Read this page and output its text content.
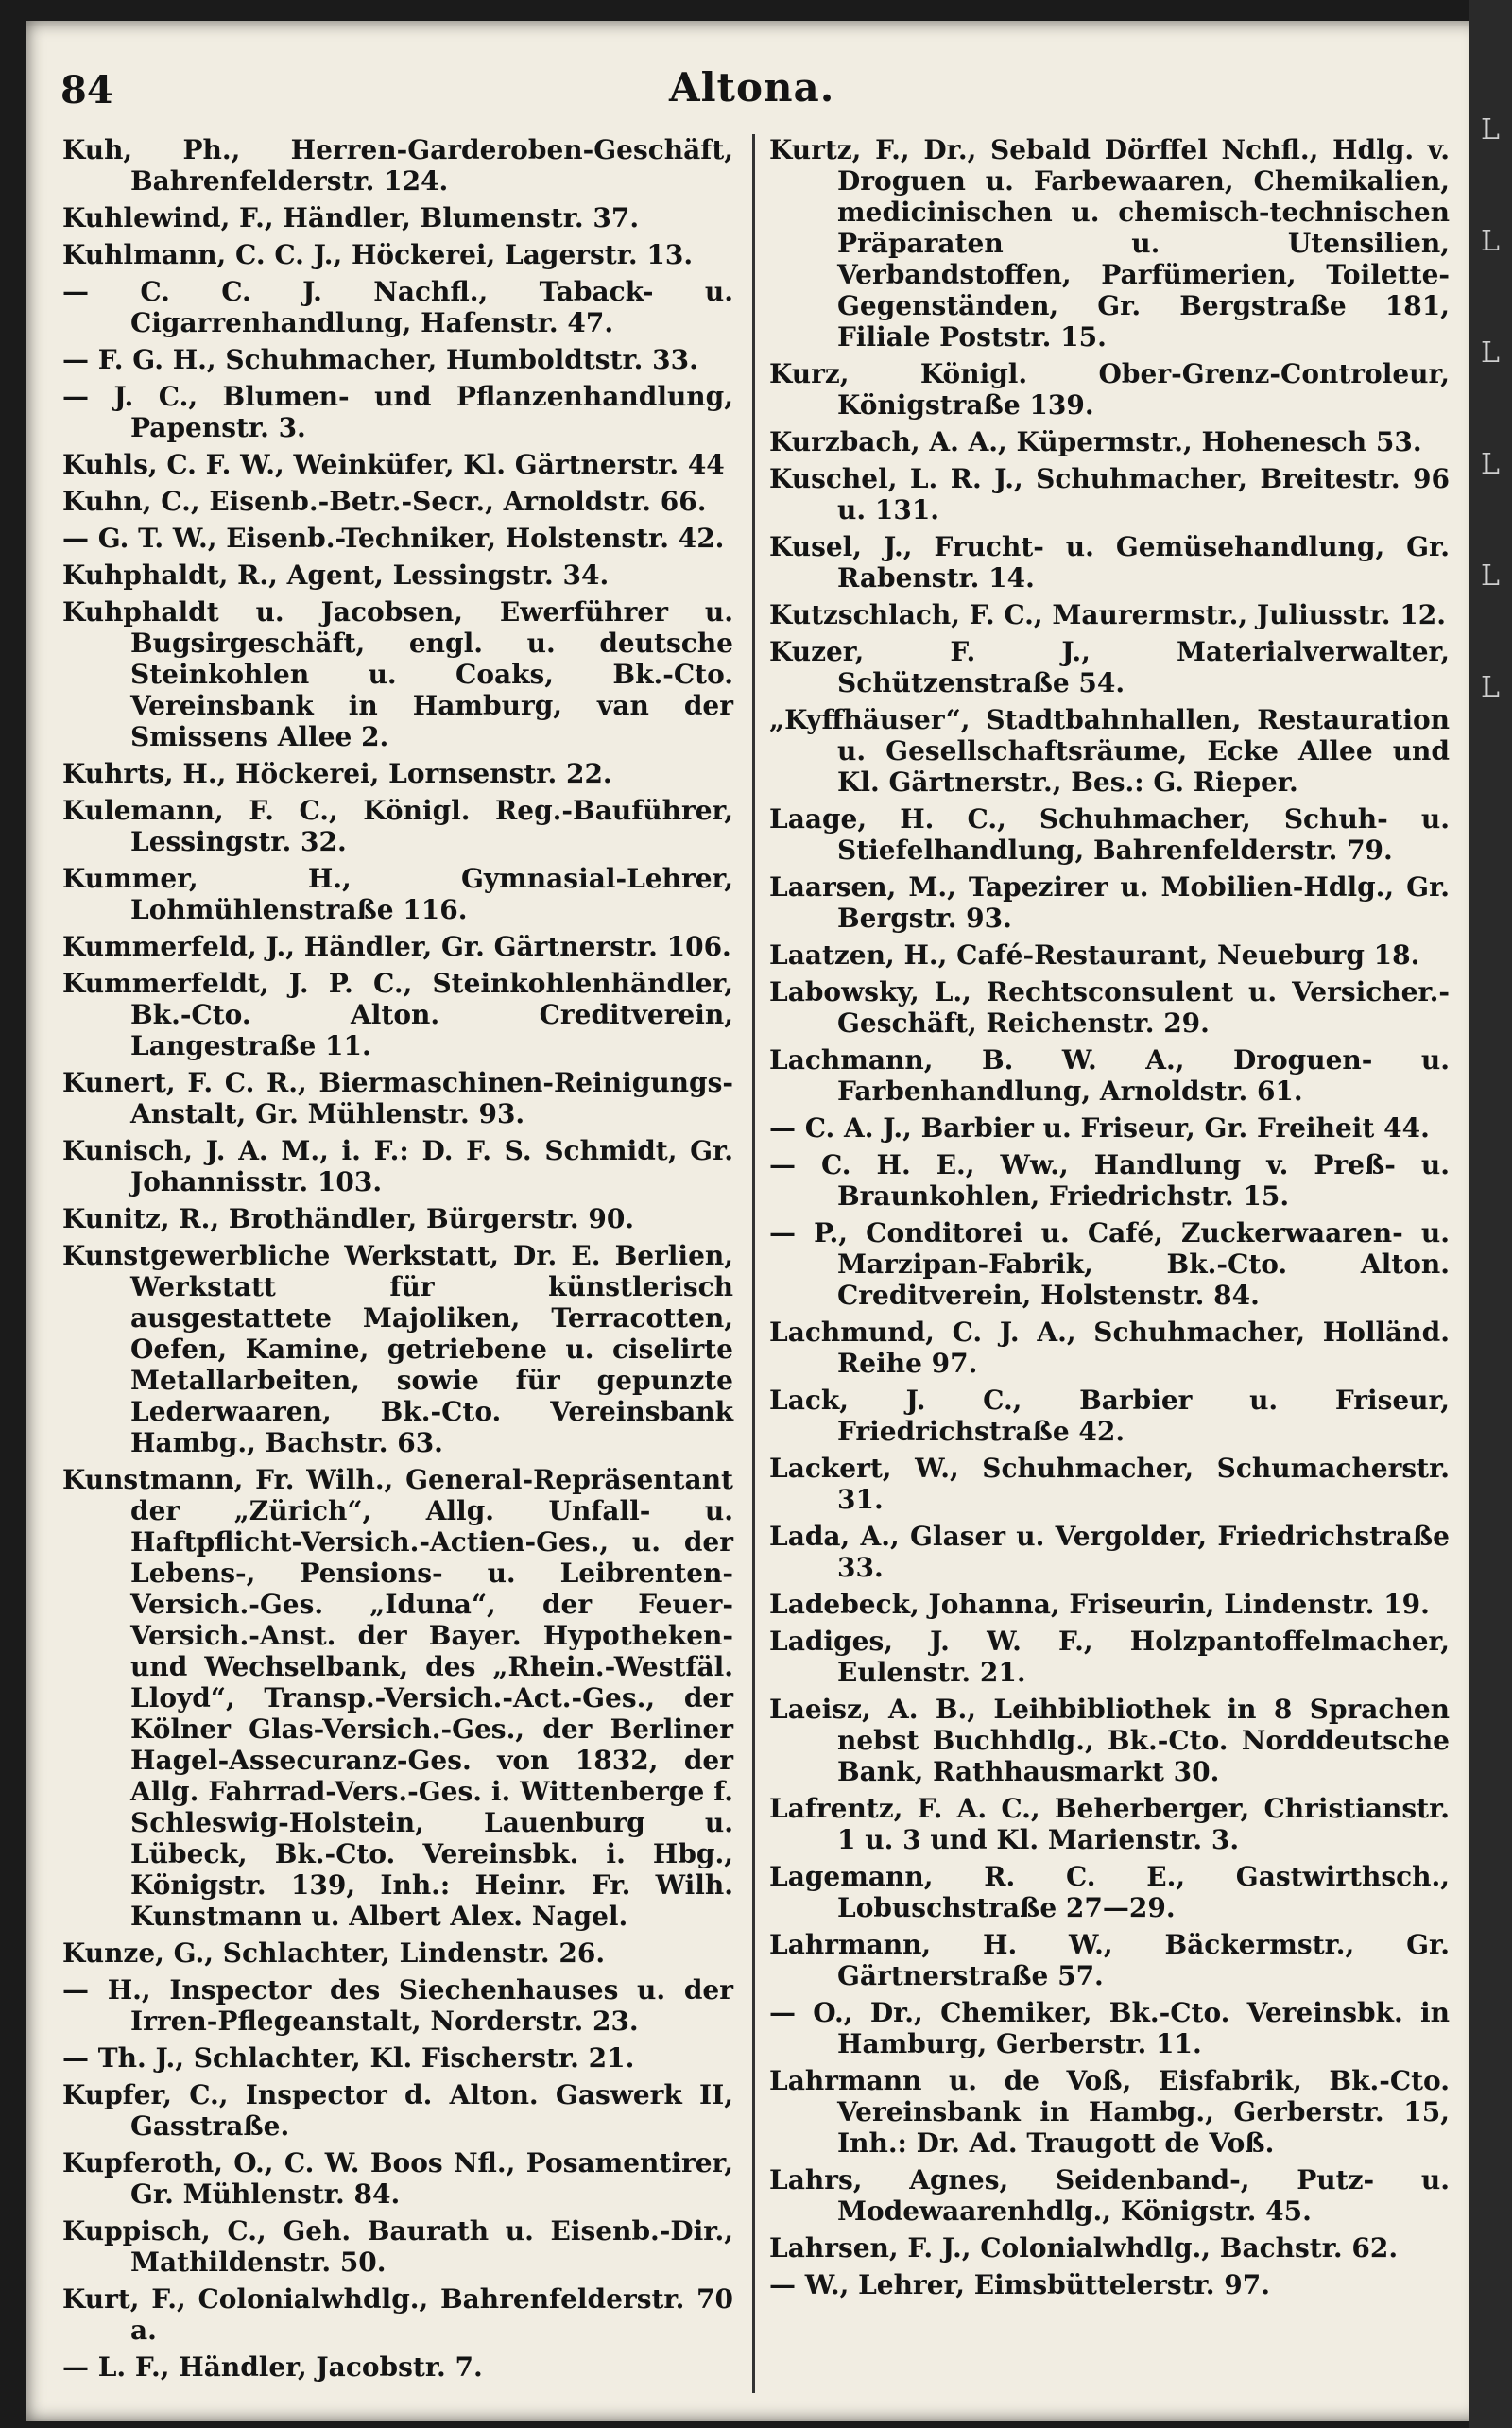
84	Altona.

Kuh, Ph., Herren-Garderoben-Geschäft, Bahrenfelderstr. 124.

Kuhlewind, F., Händler, Blumenstr. 37.

Kuhlmann, C. C. J., Höckerei, Lagerstr. 13.

— C. C. J. Nachfl., Taback- u. Cigarrenhandlung, Hafenstr. 47.

— F. G. H., Schuhmacher, Humboldtstr. 33.

— J. C., Blumen- und Pflanzenhandlung, Papenstr. 3.

Kuhls, C. F. W., Weinküfer, Kl. Gärtnerstr. 44

Kuhn, C., Eisenb.-Betr.-Secr., Arnoldstr. 66.

— G. T. W., Eisenb.-Techniker, Holstenstr. 42.

Kuhphaldt, R., Agent, Lessingstr. 34.

Kuhphaldt u. Jacobsen, Ewerführer u. Bugsirgeschäft, engl. u. deutsche Steinkohlen u. Coaks, Bk.-Cto. Vereinsbank in Hamburg, van der Smissens Allee 2.

Kuhrts, H., Höckerei, Lornsenstr. 22.

Kulemann, F. C., Königl. Reg.-Bauführer, Lessingstr. 32.

Kummer, H., Gymnasial-Lehrer, Lohmühlenstraße 116.

Kummerfeld, J., Händler, Gr. Gärtnerstr. 106.

Kummerfeldt, J. P. C., Steinkohlenhändler, Bk.-Cto. Alton. Creditverein, Langestraße 11.

Kunert, F. C. R., Biermaschinen-Reinigungs-Anstalt, Gr. Mühlenstr. 93.

Kunisch, J. A. M., i. F.: D. F. S. Schmidt, Gr. Johannisstr. 103.

Kunitz, R., Brothändler, Bürgerstr. 90.

Kunstgewerbliche Werkstatt, Dr. E. Berlien, Werkstatt für künstlerisch ausgestattete Majoliken, Terracotten, Oefen, Kamine, getriebene u. ciselirte Metallarbeiten, sowie für gepunzte Lederwaaren, Bk.-Cto. Vereinsbank Hambg., Bachstr. 63.

Kunstmann, Fr. Wilh., General-Repräsentant der „Zürich“, Allg. Unfall- u. Haftpflicht-Versich.-Actien-Ges., u. der Lebens-, Pensions- u. Leibrenten-Versich.-Ges. „Iduna“, der Feuer-Versich.-Anst. der Bayer. Hypotheken- und Wechselbank, des „Rhein.-Westfäl. Lloyd“, Transp.-Versich.-Act.-Ges., der Kölner Glas-Versich.-Ges., der Berliner Hagel-Assecuranz-Ges. von 1832, der Allg. Fahrrad-Vers.-Ges. i. Wittenberge f. Schleswig-Holstein, Lauenburg u. Lübeck, Bk.-Cto. Vereinsbk. i. Hbg., Königstr. 139, Inh.: Heinr. Fr. Wilh. Kunstmann u. Albert Alex. Nagel.

Kunze, G., Schlachter, Lindenstr. 26.

— H., Inspector des Siechenhauses u. der Irren-Pflegeanstalt, Norderstr. 23.

— Th. J., Schlachter, Kl. Fischerstr. 21.

Kupfer, C., Inspector d. Alton. Gaswerk II, Gasstraße.

Kupferoth, O., C. W. Boos Nfl., Posamentirer, Gr. Mühlenstr. 84.

Kuppisch, C., Geh. Baurath u. Eisenb.-Dir., Mathildenstr. 50.

Kurt, F., Colonialwhdlg., Bahrenfelderstr. 70 a.

— L. F., Händler, Jacobstr. 7.

Kurtz, F., Dr., Sebald Dörffel Nchfl., Hdlg. v. Droguen u. Farbewaaren, Chemikalien, medicinischen u. chemisch-technischen Präparaten u. Utensilien, Verbandstoffen, Parfümerien, Toilette-Gegenständen, Gr. Bergstraße 181, Filiale Poststr. 15.

Kurz, Königl. Ober-Grenz-Controleur, Königstraße 139.

Kurzbach, A. A., Küpermstr., Hohenesch 53.

Kuschel, L. R. J., Schuhmacher, Breitestr. 96 u. 131.

Kusel, J., Frucht- u. Gemüsehandlung, Gr. Rabenstr. 14.

Kutzschlach, F. C., Maurermstr., Juliusstr. 12.

Kuzer, F. J., Materialverwalter, Schützenstraße 54.

„Kyffhäuser“, Stadtbahnhallen, Restauration u. Gesellschaftsräume, Ecke Allee und Kl. Gärtnerstr., Bes.: G. Rieper.

Laage, H. C., Schuhmacher, Schuh- u. Stiefelhandlung, Bahrenfelderstr. 79.

Laarsen, M., Tapezirer u. Mobilien-Hdlg., Gr. Bergstr. 93.

Laatzen, H., Café-Restaurant, Neueburg 18.

Labowsky, L., Rechtsconsulent u. Versicher.-Geschäft, Reichenstr. 29.

Lachmann, B. W. A., Droguen- u. Farbenhandlung, Arnoldstr. 61.

— C. A. J., Barbier u. Friseur, Gr. Freiheit 44.

— C. H. E., Ww., Handlung v. Preß- u. Braunkohlen, Friedrichstr. 15.

— P., Conditorei u. Café, Zuckerwaaren- u. Marzipan-Fabrik, Bk.-Cto. Alton. Creditverein, Holstenstr. 84.

Lachmund, C. J. A., Schuhmacher, Holländ. Reihe 97.

Lack, J. C., Barbier u. Friseur, Friedrichstraße 42.

Lackert, W., Schuhmacher, Schumacherstr. 31.

Lada, A., Glaser u. Vergolder, Friedrichstraße 33.

Ladebeck, Johanna, Friseurin, Lindenstr. 19.

Ladiges, J. W. F., Holzpantoffelmacher, Eulenstr. 21.

Laeisz, A. B., Leihbibliothek in 8 Sprachen nebst Buchhdlg., Bk.-Cto. Norddeutsche Bank, Rathhausmarkt 30.

Lafrentz, F. A. C., Beherberger, Christianstr. 1 u. 3 und Kl. Marienstr. 3.

Lagemann, R. C. E., Gastwirthsch., Lobuschstraße 27—29.

Lahrmann, H. W., Bäckermstr., Gr. Gärtnerstraße 57.

— O., Dr., Chemiker, Bk.-Cto. Vereinsbk. in Hamburg, Gerberstr. 11.

Lahrmann u. de Voß, Eisfabrik, Bk.-Cto. Vereinsbank in Hambg., Gerberstr. 15, Inh.: Dr. Ad. Traugott de Voß.

Lahrs, Agnes, Seidenband-, Putz- u. Modewaarenhdlg., Königstr. 45.

Lahrsen, F. J., Colonialwhdlg., Bachstr. 62.

— W., Lehrer, Eimsbüttelerstr. 97.

L
L
L
L
L
L
